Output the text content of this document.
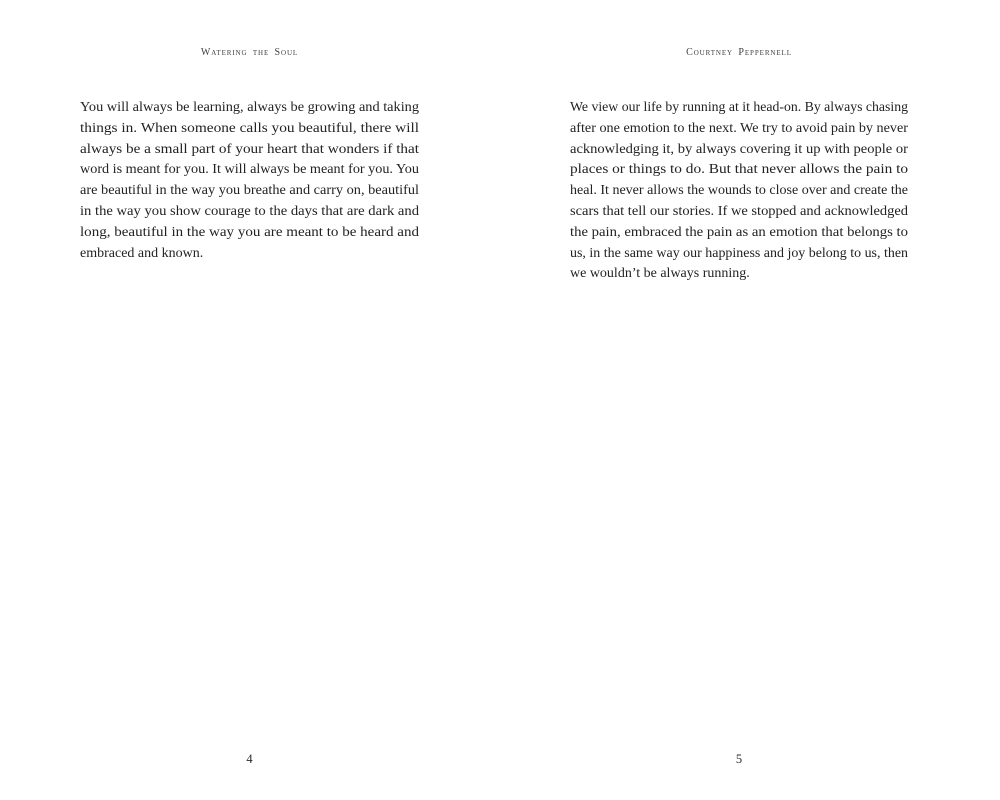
Watering the Soul
You will always be learning, always be growing and taking
things in. When someone calls you beautiful, there will
always be a small part of your heart that wonders if that
word is meant for you. It will always be meant for you. You
are beautiful in the way you breathe and carry on, beautiful
in the way you show courage to the days that are dark and
long, beautiful in the way you are meant to be heard and
embraced and known.
4
Courtney Peppernell
We view our life by running at it head-on. By always chasing
after one emotion to the next. We try to avoid pain by never
acknowledging it, by always covering it up with people or
places or things to do. But that never allows the pain to
heal. It never allows the wounds to close over and create the
scars that tell our stories. If we stopped and acknowledged
the pain, embraced the pain as an emotion that belongs to
us, in the same way our happiness and joy belong to us, then
we wouldn’t be always running.
5
